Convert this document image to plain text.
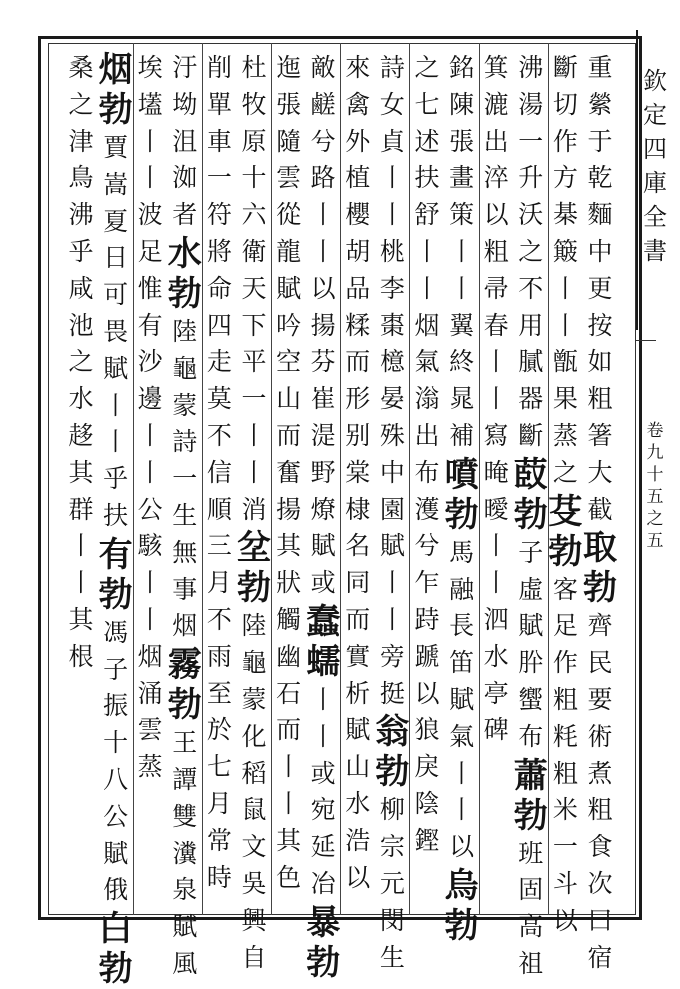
欽
定
四
庫
全
書
卷
九
十
五
之
五
重
縈
于
乾
麵
中
更
按
如
粗
箸
大
截
取
勃
齊
民
要
術
煮
粗
食
次
曰
宿
斷
切
作
方
棊
簸
丨
丨
甑
果
蒸
之
芟
勃
客
足
作
粗
粍
粗
米
一
斗
以
沸
湯
一
升
沃
之
不
用
膩
器
斷
菣
勃
子
虛
賦
肸
蠁
布
蕭
勃
班
固
高
祖
箕
漉
出
淬
以
粗
帚
春
丨
丨
寫
晻
曖
丨
丨
泗
水
亭
碑
銘
陳
張
畫
策
丨
丨
翼
終
晁
補
噴
勃
馬
融
長
笛
賦
氣
丨
丨
以
烏
勃
之
七
述
扶
舒
丨
丨
烟
氣
滃
出
布
濩
兮
乍
跱
蹏
以
狼
戾
陰
鏗
詩
女
貞
丨
丨
桃
李
棗
檍
晏
殊
中
園
賦
丨
丨
旁
挺
翁
勃
柳
宗
元
閔
生
來
禽
外
植
櫻
胡
品
糅
而
形
别
棠
棣
名
同
而
實
析
賦
山
水
浩
以
敵
鹺
兮
路
丨
丨
以
揚
芬
崔
湜
野
燎
賦
或
蠢
蠕
丨
丨
或
宛
延
冶
暴
勃
迤
張
隨
雲
從
龍
賦
吟
空
山
而
奮
揚
其
狀
觸
幽
石
而
丨
丨
其
色
杜
牧
原
十
六
衛
天
下
平
一
丨
丨
消
坌
勃
陸
龜
蒙
化
稻
鼠
文
吳
興
自
削
單
車
一
符
將
命
四
走
莫
不
信
順
三
月
不
雨
至
於
七
月
常
時
汙
坳
沮
洳
者
水
勃
陸
龜
蒙
詩
一
生
無
事
烟
霧
勃
王
譚
雙
瀵
泉
賦
風
埃
壒
丨
丨
波
足
惟
有
沙
邊
丨
丨
公
駭
丨
丨
烟
涌
雲
蒸
烟
勃
賈
嵩
夏
日
可
畏
賦
丨
丨
乎
扶
有
勃
馮
子
振
十
八
公
賦
俄
白
勃
桑
之
津
鳥
沸
乎
咸
池
之
水
趍
其
群
丨
丨
其
根
